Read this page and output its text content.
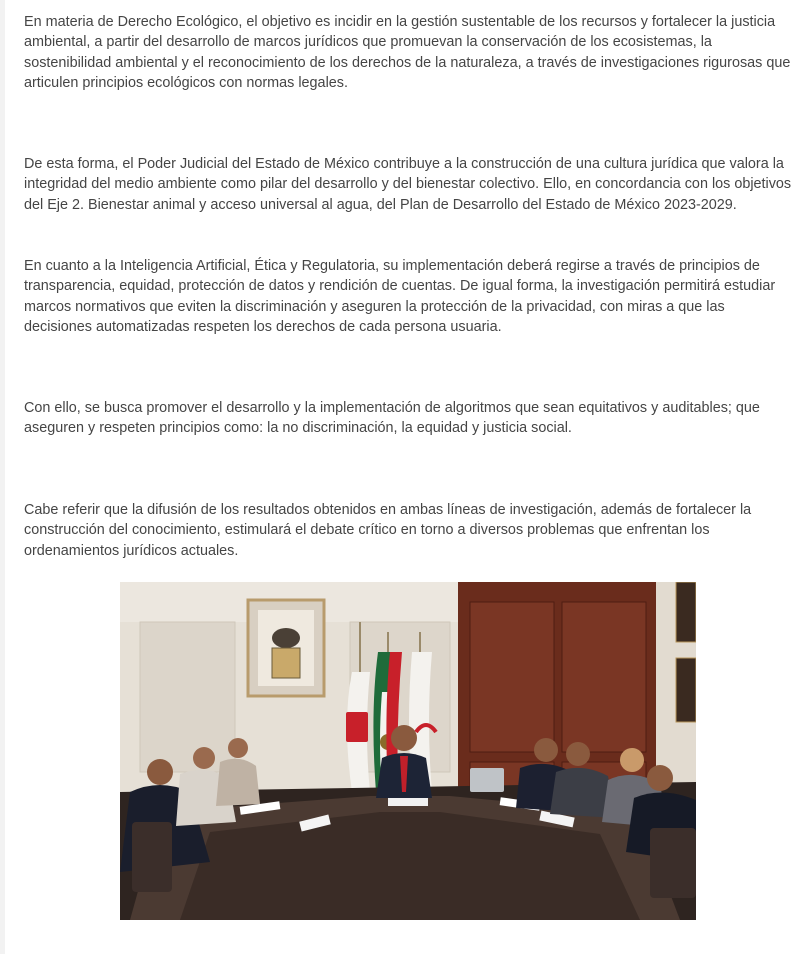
En materia de Derecho Ecológico, el objetivo es incidir en la gestión sustentable de los recursos y fortalecer la justicia ambiental, a partir del desarrollo de marcos jurídicos que promuevan la conservación de los ecosistemas, la sostenibilidad ambiental y el reconocimiento de los derechos de la naturaleza, a través de investigaciones rigurosas que articulen principios ecológicos con normas legales.

De esta forma, el Poder Judicial del Estado de México contribuye a la construcción de una cultura jurídica que valora la integridad del medio ambiente como pilar del desarrollo y del bienestar colectivo. Ello, en concordancia con los objetivos del Eje 2. Bienestar animal y acceso universal al agua, del Plan de Desarrollo del Estado de México 2023-2029.

En cuanto a la Inteligencia Artificial, Ética y Regulatoria, su implementación deberá regirse a través de principios de transparencia, equidad, protección de datos y rendición de cuentas. De igual forma, la investigación permitirá estudiar marcos normativos que eviten la discriminación y aseguren la protección de la privacidad, con miras a que las decisiones automatizadas respeten los derechos de cada persona usuaria.

Con ello, se busca promover el desarrollo y la implementación de algoritmos que sean equitativos y auditables; que aseguren y respeten principios como: la no discriminación, la equidad y justicia social.

Cabe referir que la difusión de los resultados obtenidos en ambas líneas de investigación, además de fortalecer la construcción del conocimiento, estimulará el debate crítico en torno a diversos problemas que enfrentan los ordenamientos jurídicos actuales.
